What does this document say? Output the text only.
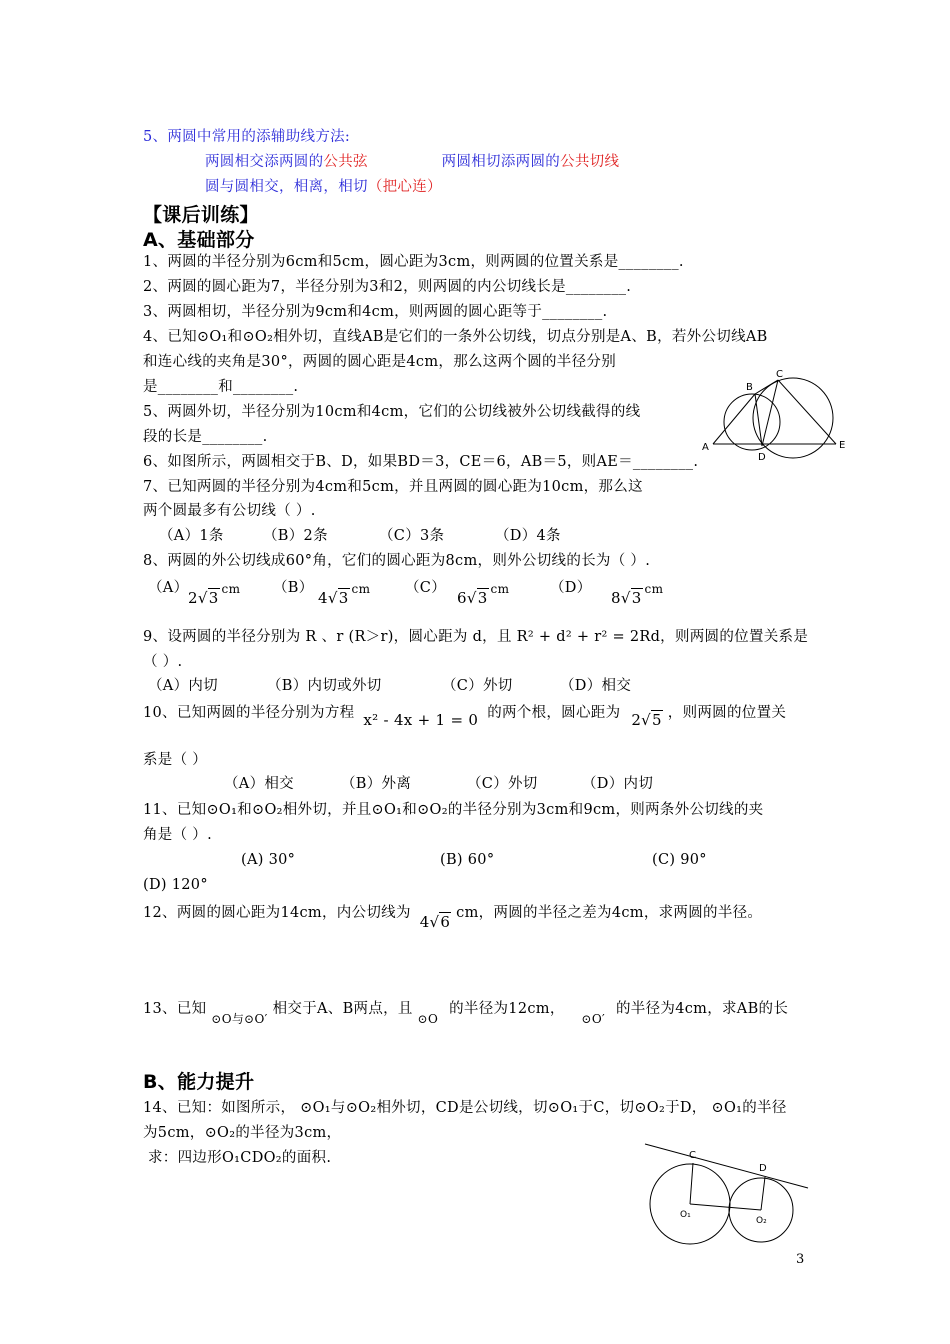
5、两圆中常用的添辅助线方法:
两圆相交添两圆的公共弦	两圆相切添两圆的公共切线
圆与圆相交，相离，相切（把心连）
【课后训练】
A、基础部分
1、两圆的半径分别为6cm和5cm，圆心距为3cm，则两圆的位置关系是________.
2、两圆的圆心距为7，半径分别为3和2，则两圆的内公切线长是________.
3、两圆相切，半径分别为9cm和4cm，则两圆的圆心距等于________.
4、已知⊙O₁和⊙O₂相外切，直线AB是它们的一条外公切线，切点分别是A、B，若外公切线AB
和连心线的夹角是30°，两圆的圆心距是4cm，那么这两个圆的半径分别
是________和________.
5、两圆外切，半径分别为10cm和4cm，它们的公切线被外公切线截得的线
段的长是________.
A
B
C
D
E
6、如图所示，两圆相交于B、D，如果BD＝3，CE＝6，AB＝5，则AE＝________.
7、已知两圆的半径分别为4cm和5cm，并且两圆的圆心距为10cm，那么这
两个圆最多有公切线（ ）.
（A）1条	（B）2条	（C）3条	（D）4条
8、两圆的外公切线成60°角，它们的圆心距为8cm，则外公切线的长为（ ）.
（A）
2√3 $^{cm}$ （B）
4√3 $^{cm}$ （C）
6√3 $^{cm}$	（D）
8√3 $^{cm}$
9、设两圆的半径分别为 R 、r (R＞r)，圆心距为 d，且 R² + d² + r² = 2Rd，则两圆的位置关系是
（ ）.
（A）内切	（B）内切或外切	（C）外切	（D）相交
10、已知两圆的半径分别为方程 x² - 4x + 1 = 0 的两个根，圆心距为 2√5 ，则两圆的位置关
系是（ ）
（A）相交	（B）外离	（C）外切	（D）内切
11、已知⊙O₁和⊙O₂相外切，并且⊙O₁和⊙O₂的半径分别为3cm和9cm，则两条外公切线的夹
角是（ ）.
(A) 30°	(B) 60°	(C) 90°
(D) 120°
12、两圆的圆心距为14cm，内公切线为 4√6 cm，两圆的半径之差为4cm，求两圆的半径。
13、已知 $_{⊙O与⊙O'}$ 相交于A、B两点，且 $_{⊙O}$ 的半径为12cm， $_{⊙O'}$ 的半径为4cm，求AB的长
B、能力提升
14、已知：如图所示， ⊙O₁与⊙O₂相外切，CD是公切线，切⊙O₁于C，切⊙O₂于D， ⊙O₁的半径
为5cm，⊙O₂的半径为3cm，
求：四边形O₁CDO₂的面积.	C
D
O₁
O₂
3
